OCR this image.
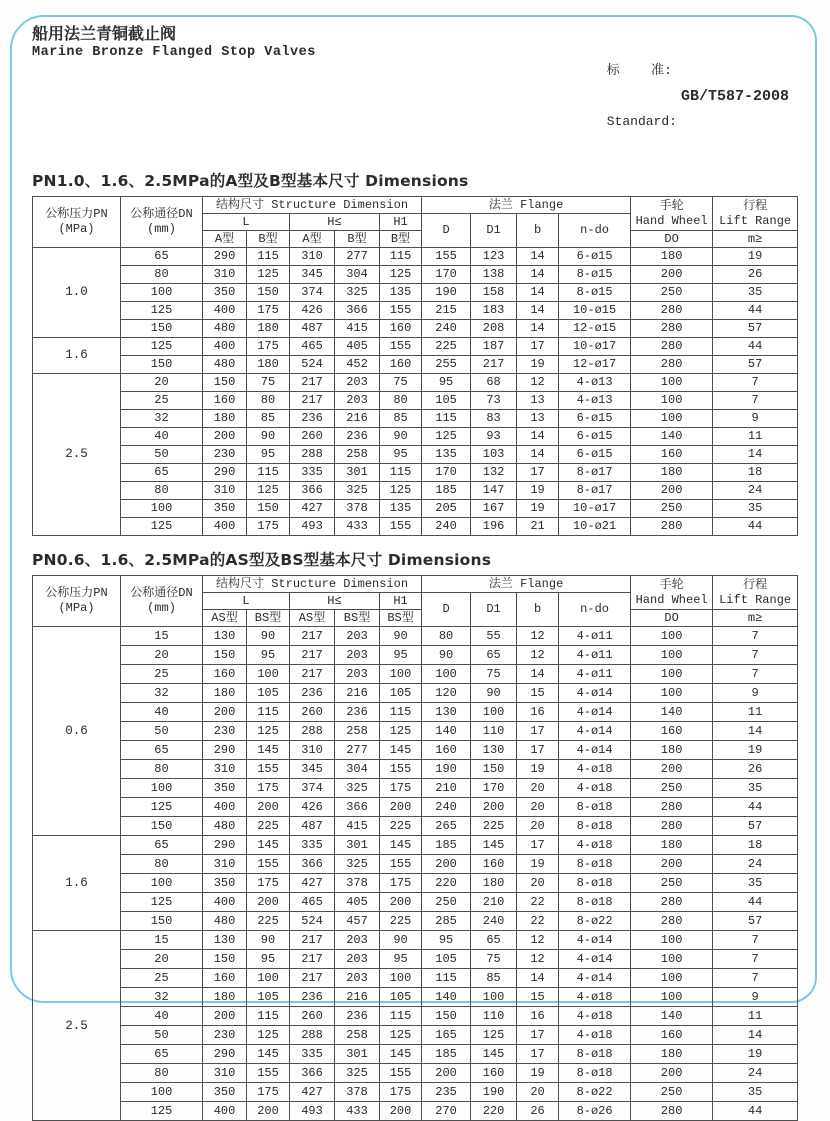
船用法兰青铜截止阀
Marine Bronze Flanged Stop Valves

标    准:

Standard:

GB/T587-2008
PN1.0、1.6、2.5MPa的A型及B型基本尺寸 Dimensions
公称压力PN
(MPa)	公称通径DN
(mm)	结构尺寸 Structure Dimension					法兰 Flange				手轮
Hand Wheel	行程
Lift Range
		L		H≤		H1	D	D1	b	n-do		
		A型	B型	A型	B型	B型					DO	m≥
1.0	65	290	115	310	277	115	155	123	14	6-ø15	180	19
	80	310	125	345	304	125	170	138	14	8-ø15	200	26
	100	350	150	374	325	135	190	158	14	8-ø15	250	35
	125	400	175	426	366	155	215	183	14	10-ø15	280	44
	150	480	180	487	415	160	240	208	14	12-ø15	280	57
1.6	125	400	175	465	405	155	225	187	17	10-ø17	280	44
	150	480	180	524	452	160	255	217	19	12-ø17	280	57
2.5	20	150	75	217	203	75	95	68	12	4-ø13	100	7
	25	160	80	217	203	80	105	73	13	4-ø13	100	7
	32	180	85	236	216	85	115	83	13	6-ø15	100	9
	40	200	90	260	236	90	125	93	14	6-ø15	140	11
	50	230	95	288	258	95	135	103	14	6-ø15	160	14
	65	290	115	335	301	115	170	132	17	8-ø17	180	18
	80	310	125	366	325	125	185	147	19	8-ø17	200	24
	100	350	150	427	378	135	205	167	19	10-ø17	250	35
	125	400	175	493	433	155	240	196	21	10-ø21	280	44
PN0.6、1.6、2.5MPa的AS型及BS型基本尺寸 Dimensions
公称压力PN
(MPa)	公称通径DN
(mm)	结构尺寸 Structure Dimension					法兰 Flange				手轮
Hand Wheel	行程
Lift Range
		L		H≤		H1	D	D1	b	n-do		
		AS型	BS型	AS型	BS型	BS型					DO	m≥
0.6	15	130	90	217	203	90	80	55	12	4-ø11	100	7
	20	150	95	217	203	95	90	65	12	4-ø11	100	7
	25	160	100	217	203	100	100	75	14	4-ø11	100	7
	32	180	105	236	216	105	120	90	15	4-ø14	100	9
	40	200	115	260	236	115	130	100	16	4-ø14	140	11
	50	230	125	288	258	125	140	110	17	4-ø14	160	14
	65	290	145	310	277	145	160	130	17	4-ø14	180	19
	80	310	155	345	304	155	190	150	19	4-ø18	200	26
	100	350	175	374	325	175	210	170	20	4-ø18	250	35
	125	400	200	426	366	200	240	200	20	8-ø18	280	44
	150	480	225	487	415	225	265	225	20	8-ø18	280	57
1.6	65	290	145	335	301	145	185	145	17	4-ø18	180	18
	80	310	155	366	325	155	200	160	19	8-ø18	200	24
	100	350	175	427	378	175	220	180	20	8-ø18	250	35
	125	400	200	465	405	200	250	210	22	8-ø18	280	44
	150	480	225	524	457	225	285	240	22	8-ø22	280	57
2.5	15	130	90	217	203	90	95	65	12	4-ø14	100	7
	20	150	95	217	203	95	105	75	12	4-ø14	100	7
	25	160	100	217	203	100	115	85	14	4-ø14	100	7
	32	180	105	236	216	105	140	100	15	4-ø18	100	9
	40	200	115	260	236	115	150	110	16	4-ø18	140	11
	50	230	125	288	258	125	165	125	17	4-ø18	160	14
	65	290	145	335	301	145	185	145	17	8-ø18	180	19
	80	310	155	366	325	155	200	160	19	8-ø18	200	24
	100	350	175	427	378	175	235	190	20	8-ø22	250	35
	125	400	200	493	433	200	270	220	26	8-ø26	280	44
